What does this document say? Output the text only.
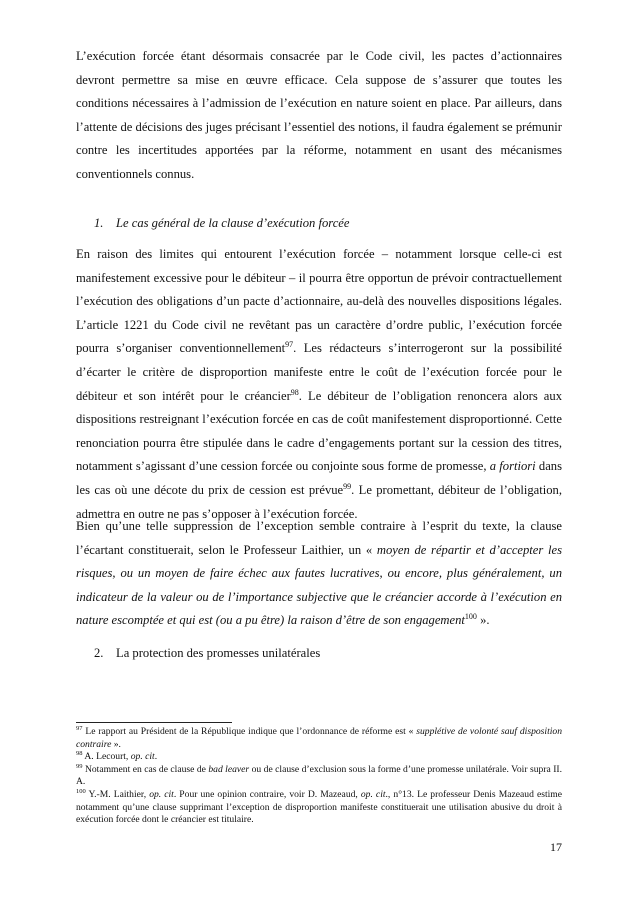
L’exécution forcée étant désormais consacrée par le Code civil, les pactes d’actionnaires devront permettre sa mise en œuvre efficace. Cela suppose de s’assurer que toutes les conditions nécessaires à l’admission de l’exécution en nature soient en place. Par ailleurs, dans l’attente de décisions des juges précisant l’essentiel des notions, il faudra également se prémunir contre les incertitudes apportées par la réforme, notamment en usant des mécanismes conventionnels connus.

1. Le cas général de la clause d’exécution forcée

En raison des limites qui entourent l’exécution forcée – notamment lorsque celle-ci est manifestement excessive pour le débiteur – il pourra être opportun de prévoir contractuellement l’exécution des obligations d’un pacte d’actionnaire, au-delà des nouvelles dispositions légales. L’article 1221 du Code civil ne revêtant pas un caractère d’ordre public, l’exécution forcée pourra s’organiser conventionnellement$^{97}$. Les rédacteurs s’interrogeront sur la possibilité d’écarter le critère de disproportion manifeste entre le coût de l’exécution forcée pour le débiteur et son intérêt pour le créancier$^{98}$. Le débiteur de l’obligation renoncera alors aux dispositions restreignant l’exécution forcée en cas de coût manifestement disproportionné. Cette renonciation pourra être stipulée dans le cadre d’engagements portant sur la cession des titres, notamment s’agissant d’une cession forcée ou conjointe sous forme de promesse, a fortiori dans les cas où une décote du prix de cession est prévue$^{99}$. Le promettant, débiteur de l’obligation, admettra en outre ne pas s’opposer à l’exécution forcée.

Bien qu’une telle suppression de l’exception semble contraire à l’esprit du texte, la clause l’écartant constituerait, selon le Professeur Laithier, un « moyen de répartir et d’accepter les risques, ou un moyen de faire échec aux fautes lucratives, ou encore, plus généralement, un indicateur de la valeur ou de l’importance subjective que le créancier accorde à l’exécution en nature escomptée et qui est (ou a pu être) la raison d’être de son engagement$^{100}$ ».

2. La protection des promesses unilatérales

$^{97}$ Le rapport au Président de la République indique que l’ordonnance de réforme est « supplétive de volonté sauf disposition contraire ».

$^{98}$ A. Lecourt, op. cit.

$^{99}$ Notamment en cas de clause de bad leaver ou de clause d’exclusion sous la forme d’une promesse unilatérale. Voir supra II. A.

$^{100}$ Y.-M. Laithier, op. cit. Pour une opinion contraire, voir D. Mazeaud, op. cit., n°13. Le professeur Denis Mazeaud estime notamment qu’une clause supprimant l’exception de disproportion manifeste constituerait une utilisation abusive du droit à exécution forcée dont le créancier est titulaire.

17
